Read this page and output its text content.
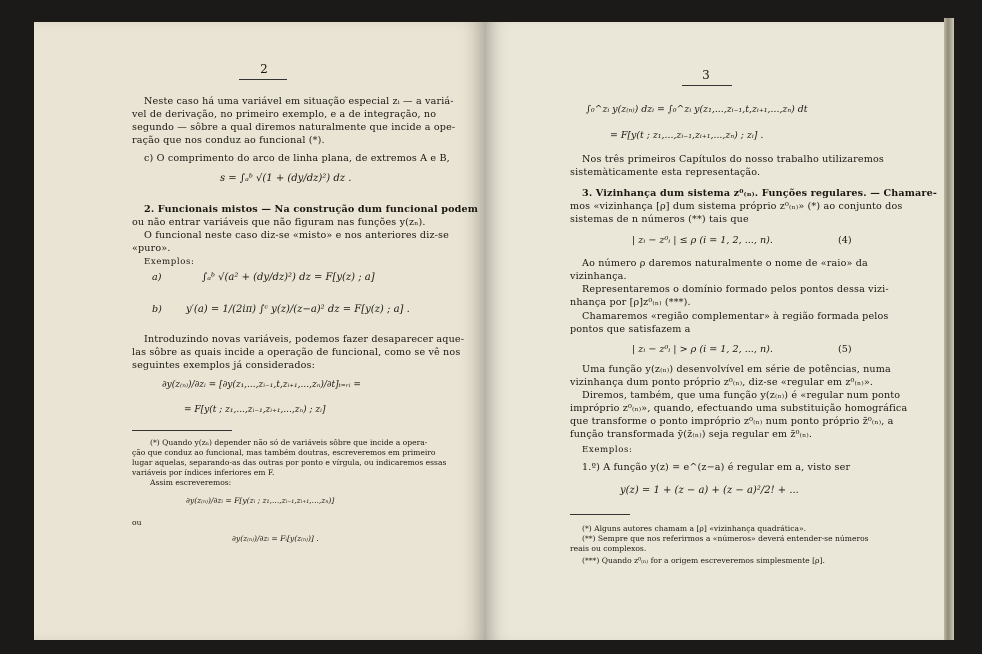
2
Neste caso há uma variável em situação especial zᵢ — a variá-
vel de derivação, no primeiro exemplo, e a de integração, no
segundo — sôbre a qual diremos naturalmente que incide a ope-
ração que nos conduz ao funcional (*).
c) O comprimento do arco de linha plana, de extremos A e B,
s = ∫ₐᵇ √(1 + (dy/dz)²) dz .
2. Funcionais mistos — Na construção dum funcional podem
ou não entrar variáveis que não figuram nas funções y(zₙ).
O funcional neste caso diz-se «misto» e nos anteriores diz-se
«puro».
Exemplos:
a)	∫ₐᵇ √(a² + (dy/dz)²) dz = F[y(z) ; a]
b) y′(a) = 1/(2iπ) ∫ᶜ y(z)/(z−a)² dz = F[y(z) ; a] .
Introduzindo novas variáveis, podemos fazer desaparecer aque-
las sôbre as quais incide a operação de funcional, como se vê nos
seguintes exemplos já considerados:
∂y(z₍ₙ₎)/∂zᵢ = [∂y(z₁,...,zᵢ₋₁,t,zᵢ₊₁,...,zₙ)/∂t]ₜ₌ᵣᵢ =
= F[y(t ; z₁,...,zᵢ₋₁,zᵢ₊₁,...,zₙ) ; zᵢ]
(*) Quando y(zₙ) depender não só de variáveis sôbre que incide a opera-
ção que conduz ao funcional, mas também doutras, escreveremos em primeiro
lugar aquelas, separando-as das outras por ponto e vírgula, ou indicaremos essas
variáveis por índices inferiores em F.
Assim escreveremos:
∂y(z₍ₙ₎)/∂zᵢ = F[y(zᵢ ; z₁,...,zᵢ₋₁,zᵢ₊₁,...,zₙ)]
ou
∂y(z₍ₙ₎)/∂zᵢ = Fᵢ[y(z₍ₙ₎)] .
3
∫₀^zᵢ y(z₍ₙ₎) dzᵢ = ∫₀^zᵢ y(z₁,...,zᵢ₋₁,t,zᵢ₊₁,...,zₙ) dt
= F[y(t ; z₁,...,zᵢ₋₁,zᵢ₊₁,...,zₙ) ; zᵢ] .
Nos três primeiros Capítulos do nosso trabalho utilizaremos
sistemàticamente esta representação.
3. Vizinhança dum sistema z⁰₍ₙ₎. Funções regulares. — Chamare-
mos «vizinhança [ρ] dum sistema próprio z⁰₍ₙ₎» (*) ao conjunto dos
sistemas de n números (**) tais que
| zᵢ − z⁰ᵢ | ≤ ρ (i = 1, 2, ..., n).	(4)
Ao número ρ daremos naturalmente o nome de «raio» da
vizinhança.
Representaremos o domínio formado pelos pontos dessa vizi-
nhança por [ρ]z⁰₍ₙ₎ (***).
Chamaremos «região complementar» à região formada pelos
pontos que satisfazem a
| zᵢ − z⁰ᵢ | > ρ (i = 1, 2, ..., n).	(5)
Uma função y(z₍ₙ₎) desenvolvível em série de potências, numa
vizinhança dum ponto próprio z⁰₍ₙ₎, diz-se «regular em z⁰₍ₙ₎».
Diremos, também, que uma função y(z₍ₙ₎) é «regular num ponto
impróprio z⁰₍ₙ₎», quando, efectuando uma substituição homográfica
que transforme o ponto impróprio z⁰₍ₙ₎ num ponto próprio z̄⁰₍ₙ₎, a
função transformada ȳ(z̄₍ₙ₎) seja regular em z̄⁰₍ₙ₎.
Exemplos:
1.º) A função y(z) = e^(z−a) é regular em a, visto ser
y(z) = 1 + (z − a) + (z − a)²/2! + ...
(*) Alguns autores chamam a [ρ] «vizinhança quadrática».
(**) Sempre que nos referirmos a «números» deverá entender-se números
reais ou complexos.
(***) Quando z⁰₍ₙ₎ for a origem escreveremos simplesmente [ρ].
